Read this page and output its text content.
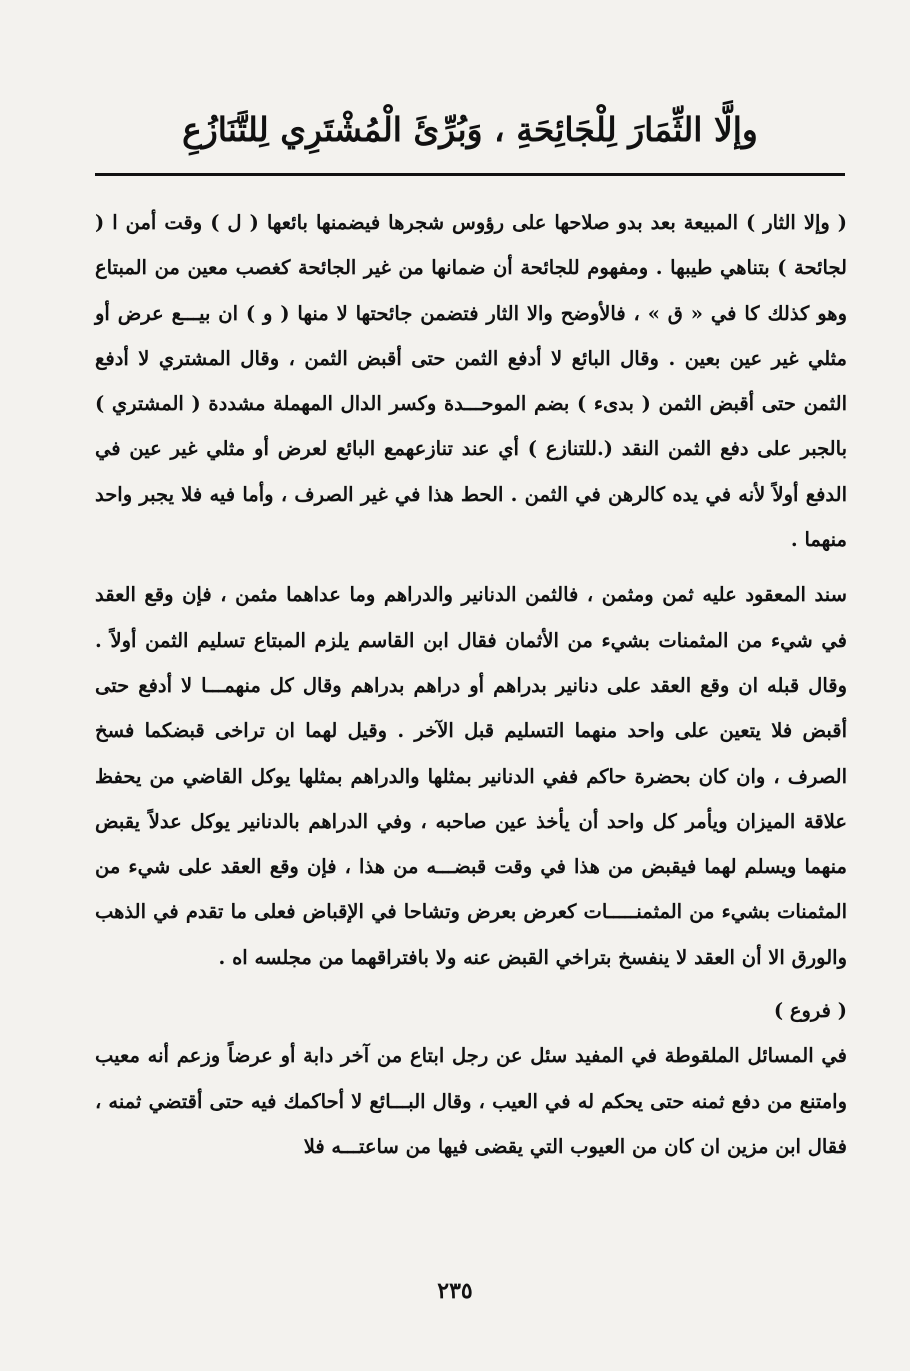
وإلَّا الثِّمَارَ لِلْجَائِحَةِ ، وَبُرِّئَ الْمُشْتَرِي لِلتَّنَازُعِ

( وإلا الثار ) المبيعة بعد بدو صلاحها على رؤوس شجرها فيضمنها بائعها ( ل ) وقت أمن ا ( لجائحة ) بتناهي طيبها . ومفهوم للجائحة أن ضمانها من غير الجائحة كغصب معين من المبتاع وهو كذلك كا في « ق » ، فالأوضح والا الثار فتضمن جائحتها لا منها ( و ) ان بيـــع عرض أو مثلي غير عين بعين . وقال البائع لا أدفع الثمن حتى أقبض الثمن ، وقال المشتري لا أدفع الثمن حتى أقبض الثمن ( بدىء ) بضم الموحـــدة وكسر الدال المهملة مشددة ( المشتري ) بالجبر على دفع الثمن النقد (.للتنازع ) أي عند تنازعهمع البائع لعرض أو مثلي غير عين في الدفع أولاً لأنه في يده كالرهن في الثمن . الحط هذا في غير الصرف ، وأما فيه فلا يجبر واحد منهما .

سند المعقود عليه ثمن ومثمن ، فالثمن الدنانير والدراهم وما عداهما مثمن ، فإن وقع العقد في شيء من المثمنات بشيء من الأثمان فقال ابن القاسم يلزم المبتاع تسليم الثمن أولاً . وقال قبله ان وقع العقد على دنانير بدراهم أو دراهم بدراهم وقال كل منهمـــا لا أدفع حتى أقبض فلا يتعين على واحد منهما التسليم قبل الآخر . وقيل لهما ان تراخى قبضكما فسخ الصرف ، وان كان بحضرة حاكم ففي الدنانير بمثلها والدراهم بمثلها يوكل القاضي من يحفظ علاقة الميزان ويأمر كل واحد أن يأخذ عين صاحبه ، وفي الدراهم بالدنانير يوكل عدلاً يقبض منهما ويسلم لهما فيقبض من هذا في وقت قبضـــه من هذا ، فإن وقع العقد على شيء من المثمنات بشيء من المثمنـــــات كعرض بعرض وتشاحا في الإقباض فعلى ما تقدم في الذهب والورق الا أن العقد لا ينفسخ بتراخي القبض عنه ولا بافتراقهما من مجلسه اه .

( فروع )

في المسائل الملقوطة في المفيد سئل عن رجل ابتاع من آخر دابة أو عرضاً وزعم أنه معيب وامتنع من دفع ثمنه حتى يحكم له في العيب ، وقال البـــائع لا أحاكمك فيه حتى أقتضي ثمنه ، فقال ابن مزين ان كان من العيوب التي يقضى فيها من ساعتـــه فلا

٢٣٥
